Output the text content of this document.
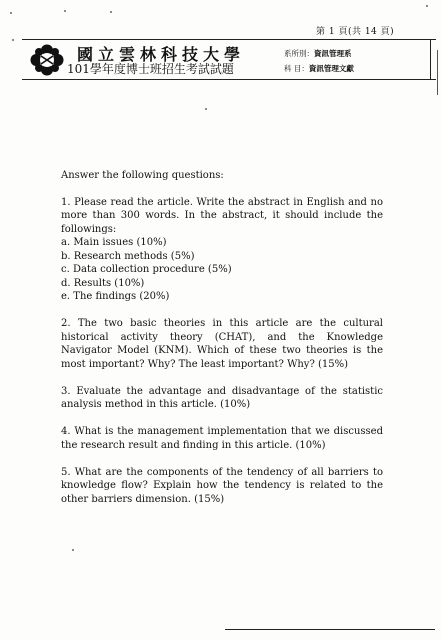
第 1 頁(共 14 頁)
國立雲林科技大學
101學年度博士班招生考試試題
系所別：資訊管理系
科 目：資訊管理文獻

Answer the following questions:

1. Please read the article. Write the abstract in English and no more than 300 words. In the abstract, it should include the followings:

a. Main issues (10%)
b. Research methods (5%)
c. Data collection procedure (5%)
d. Results (10%)
e. The findings (20%)

2. The two basic theories in this article are the cultural historical activity theory (CHAT), and the Knowledge Navigator Model (KNM). Which of these two theories is the most important? Why? The least important? Why? (15%)

3. Evaluate the advantage and disadvantage of the statistic analysis method in this article. (10%)

4. What is the management implementation that we discussed the research result and finding in this article. (10%)

5. What are the components of the tendency of all barriers to knowledge flow? Explain how the tendency is related to the other barriers dimension. (15%)
